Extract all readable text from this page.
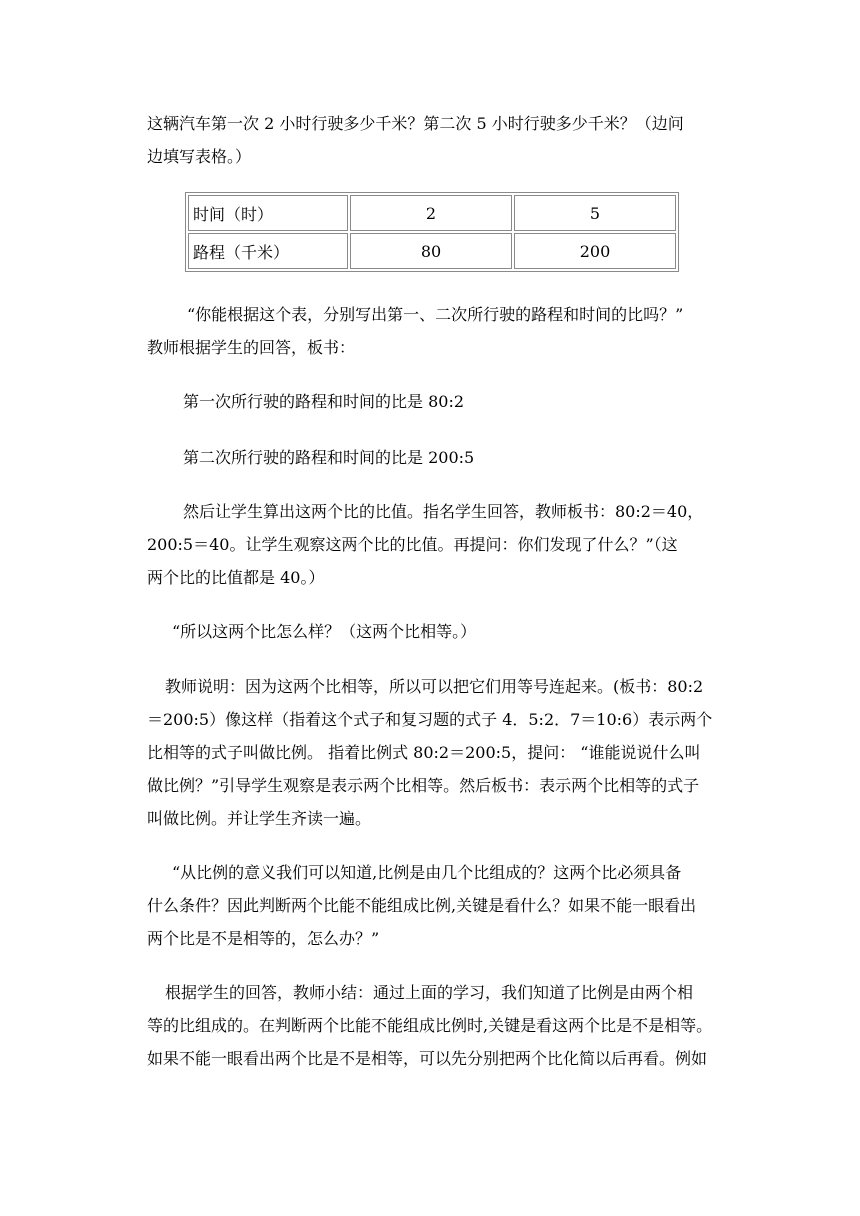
这辆汽车第一次 2 小时行驶多少千米？第二次 5 小时行驶多少千米？（边问
边填写表格。）
时间（时）	2	5
路程（千米）	80	200
“你能根据这个表，分别写出第一、二次所行驶的路程和时间的比吗？”
教师根据学生的回答，板书：
第一次所行驶的路程和时间的比是 80:2
第二次所行驶的路程和时间的比是 200:5
然后让学生算出这两个比的比值。指名学生回答，教师板书：80:2＝40，
200:5＝40。让学生观察这两个比的比值。再提问：你们发现了什么？”（这
两个比的比值都是 40。）
“所以这两个比怎么样？（这两个比相等。）
教师说明：因为这两个比相等，所以可以把它们用等号连起来。(板书：80:2
＝200:5）像这样（指着这个式子和复习题的式子 4．5:2．7＝10:6）表示两个
比相等的式子叫做比例。 指着比例式 80:2＝200:5，提问： “谁能说说什么叫
做比例？”引导学生观察是表示两个比相等。然后板书：表示两个比相等的式子
叫做比例。并让学生齐读一遍。
“从比例的意义我们可以知道,比例是由几个比组成的？这两个比必须具备
什么条件？因此判断两个比能不能组成比例,关键是看什么？如果不能一眼看出
两个比是不是相等的，怎么办？”
根据学生的回答，教师小结：通过上面的学习，我们知道了比例是由两个相
等的比组成的。在判断两个比能不能组成比例时,关键是看这两个比是不是相等。
如果不能一眼看出两个比是不是相等，可以先分别把两个比化简以后再看。例如
